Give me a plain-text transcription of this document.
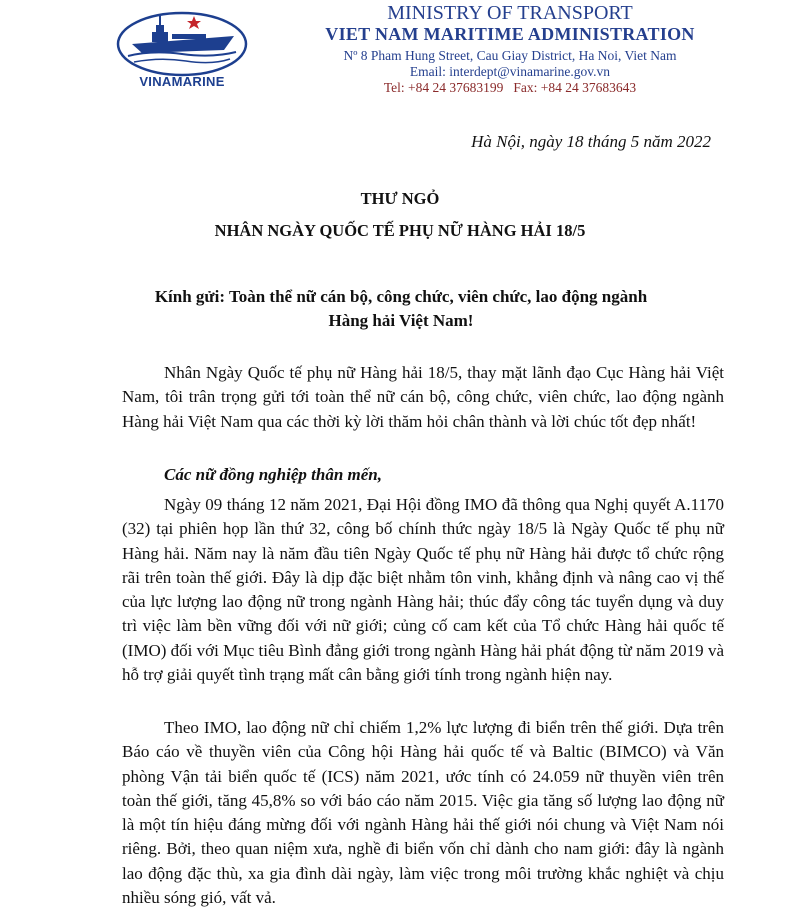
VINAMARINE
MINISTRY OF TRANSPORT
VIET NAM MARITIME ADMINISTRATION
Nº 8 Pham Hung Street, Cau Giay District, Ha Noi, Viet Nam
Email: interdept@vinamarine.gov.vn
Tel: +84 24 37683199 Fax: +84 24 37683643
Hà Nội, ngày 18 tháng 5 năm 2022
THƯ NGỎ
NHÂN NGÀY QUỐC TẾ PHỤ NỮ HÀNG HẢI 18/5
Kính gửi: Toàn thể nữ cán bộ, công chức, viên chức, lao động ngành Hàng hải Việt Nam!

Nhân Ngày Quốc tế phụ nữ Hàng hải 18/5, thay mặt lãnh đạo Cục Hàng hải Việt Nam, tôi trân trọng gửi tới toàn thể nữ cán bộ, công chức, viên chức, lao động ngành Hàng hải Việt Nam qua các thời kỳ lời thăm hỏi chân thành và lời chúc tốt đẹp nhất!

Các nữ đồng nghiệp thân mến,

Ngày 09 tháng 12 năm 2021, Đại Hội đồng IMO đã thông qua Nghị quyết A.1170 (32) tại phiên họp lần thứ 32, công bố chính thức ngày 18/5 là Ngày Quốc tế phụ nữ Hàng hải. Năm nay là năm đầu tiên Ngày Quốc tế phụ nữ Hàng hải được tổ chức rộng rãi trên toàn thế giới. Đây là dịp đặc biệt nhằm tôn vinh, khẳng định và nâng cao vị thế của lực lượng lao động nữ trong ngành Hàng hải; thúc đẩy công tác tuyển dụng và duy trì việc làm bền vững đối với nữ giới; củng cố cam kết của Tổ chức Hàng hải quốc tế (IMO) đối với Mục tiêu Bình đẳng giới trong ngành Hàng hải phát động từ năm 2019 và hỗ trợ giải quyết tình trạng mất cân bằng giới tính trong ngành hiện nay.

Theo IMO, lao động nữ chỉ chiếm 1,2% lực lượng đi biển trên thế giới. Dựa trên Báo cáo về thuyền viên của Công hội Hàng hải quốc tế và Baltic (BIMCO) và Văn phòng Vận tải biển quốc tế (ICS) năm 2021, ước tính có 24.059 nữ thuyền viên trên toàn thế giới, tăng 45,8% so với báo cáo năm 2015. Việc gia tăng số lượng lao động nữ là một tín hiệu đáng mừng đối với ngành Hàng hải thế giới nói chung và Việt Nam nói riêng. Bởi, theo quan niệm xưa, nghề đi biển vốn chỉ dành cho nam giới: đây là ngành lao động đặc thù, xa gia đình dài ngày, làm việc trong môi trường khắc nghiệt và chịu nhiều sóng gió, vất vả.
